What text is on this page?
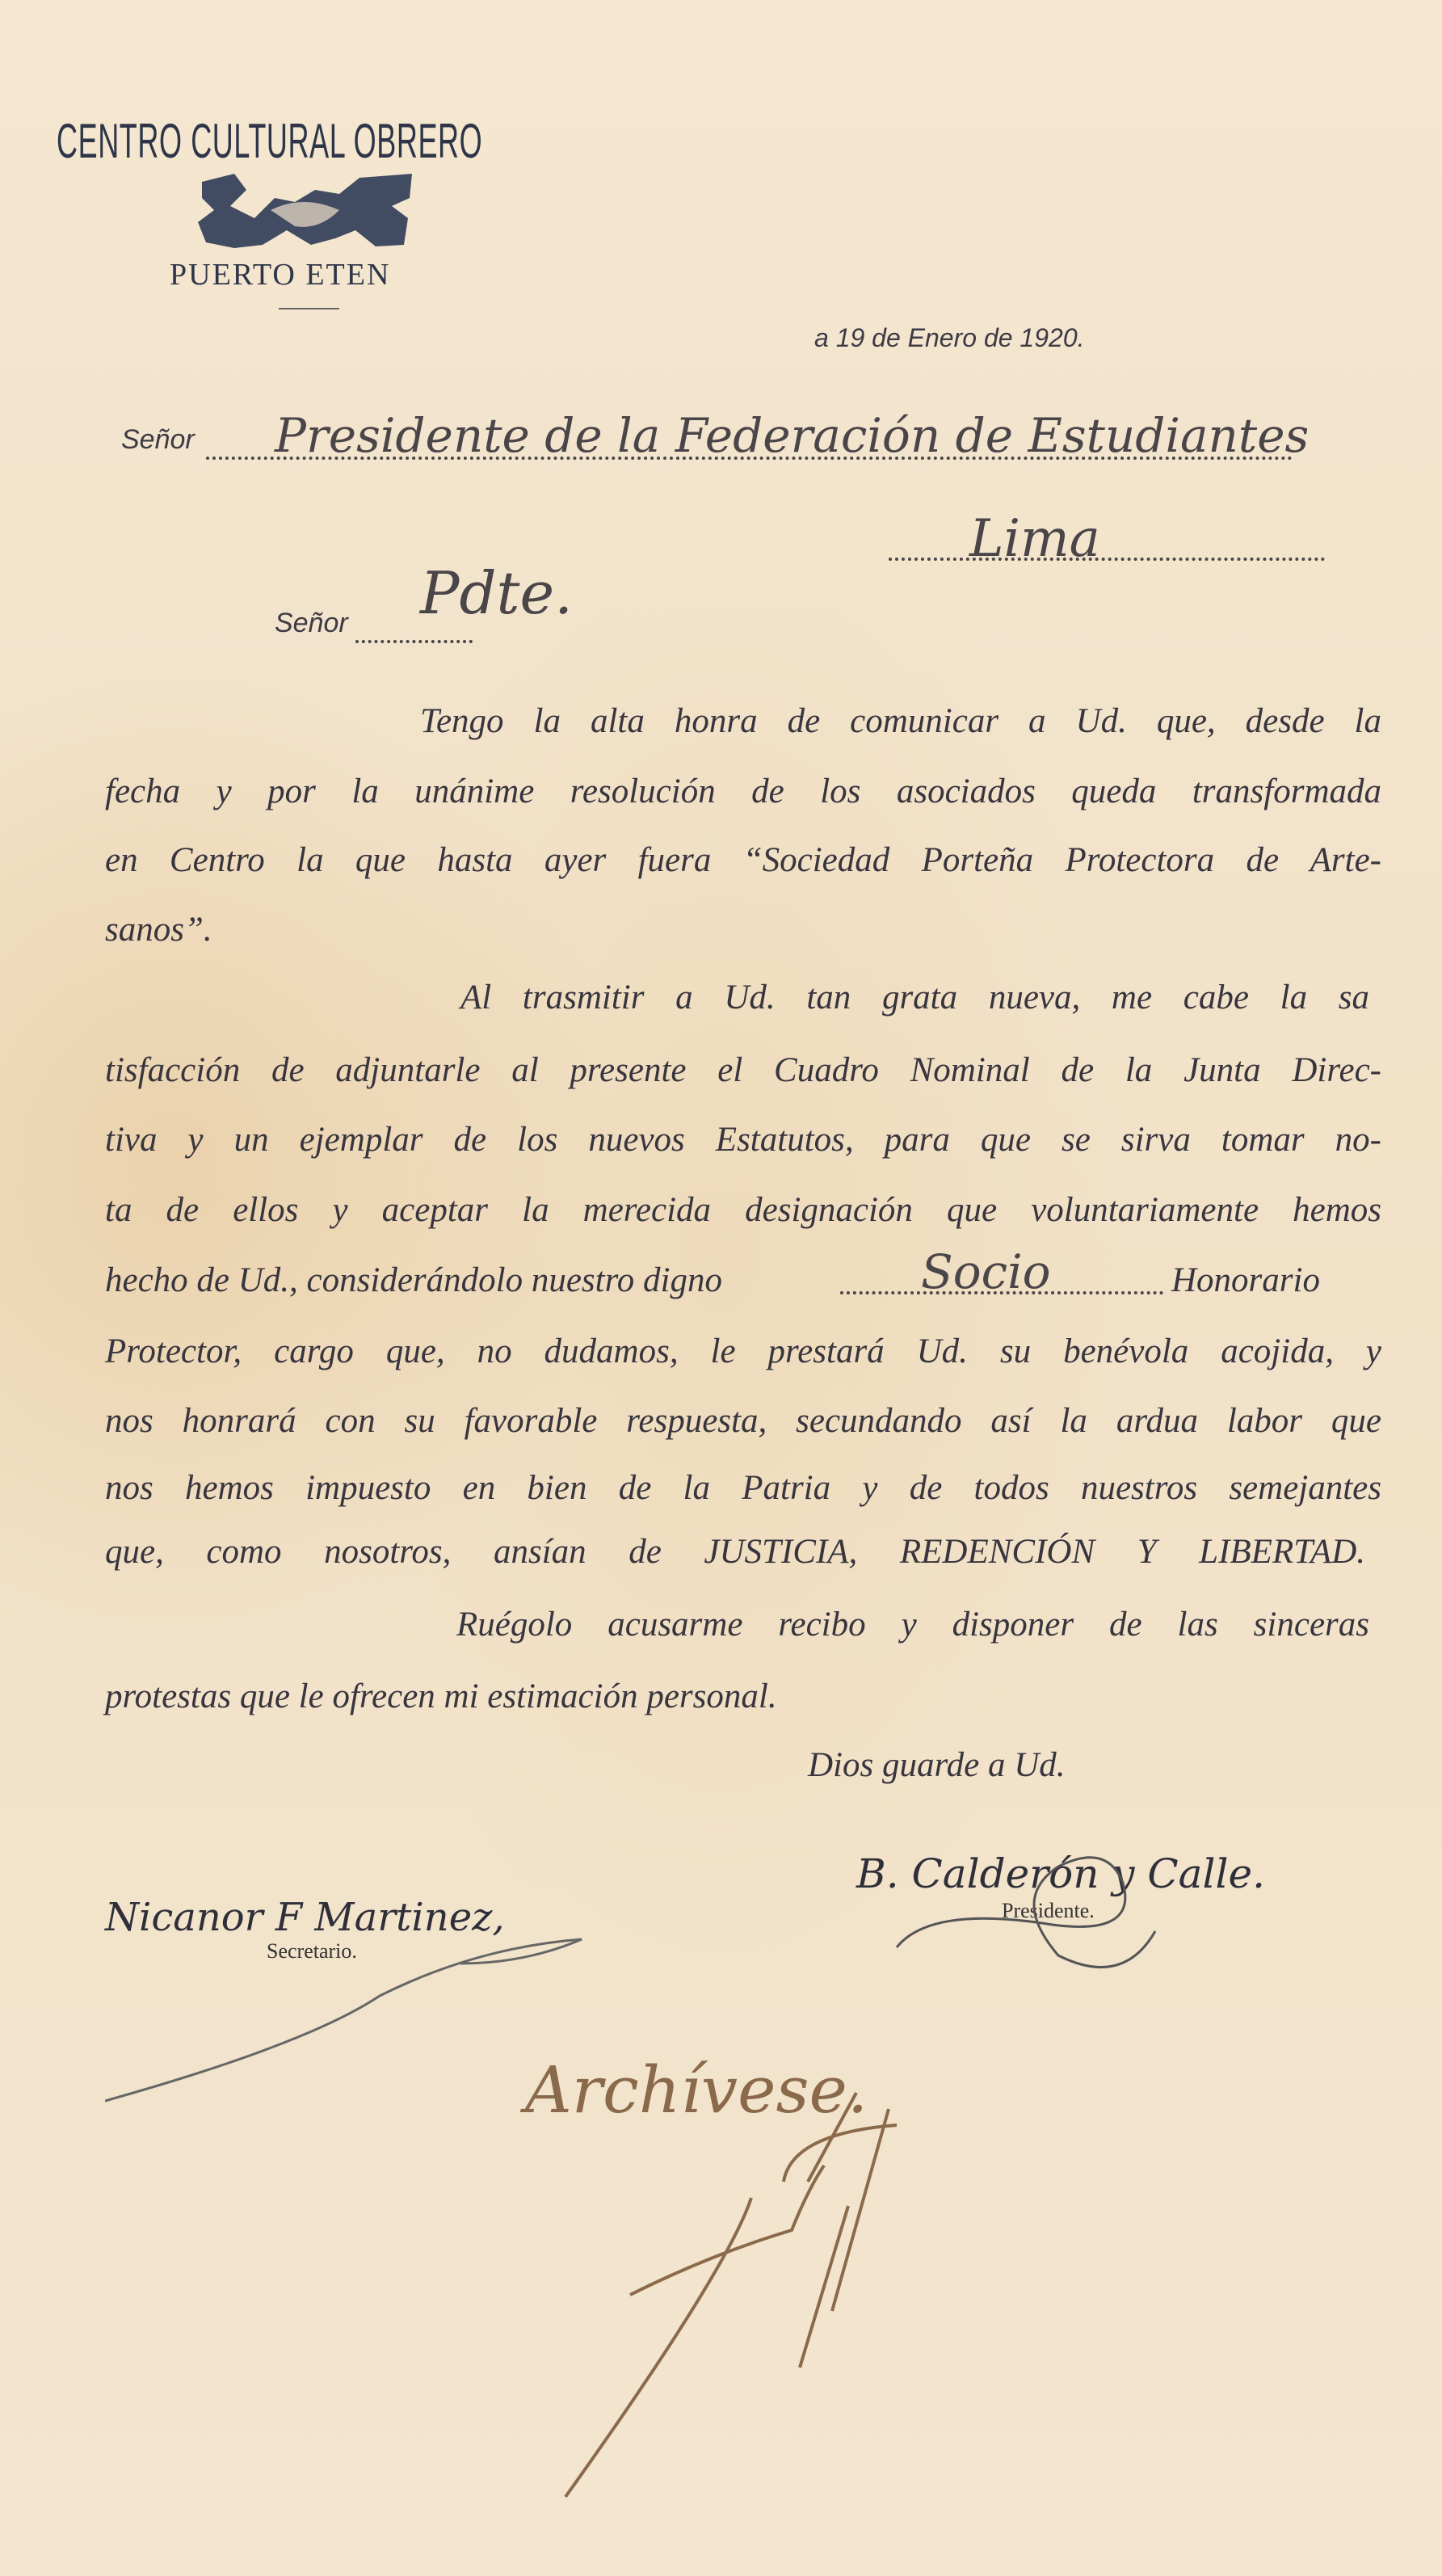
CENTRO CULTURAL OBRERO
PUERTO ETEN
a 19 de Enero de 1920.
Señor Presidente de la Federación de Estudiantes
Lima
Señor Pdte.
Tengo la alta honra de comunicar a Ud. que, desde la
fecha y por la unánime resolución de los asociados queda transformada
en Centro la que hasta ayer fuera “Sociedad Porteña Protectora de Arte-
sanos”.
Al trasmitir a Ud. tan grata nueva, me cabe la sa
tisfacción de adjuntarle al presente el Cuadro Nominal de la Junta Direc-
tiva y un ejemplar de los nuevos Estatutos, para que se sirva tomar no-
ta de ellos y aceptar la merecida designación que voluntariamente hemos
hecho de Ud., considerándolo nuestro digno	Socio	Honorario
Protector, cargo que, no dudamos, le prestará Ud. su benévola acojida, y
nos honrará con su favorable respuesta, secundando así la ardua labor que
nos hemos impuesto en bien de la Patria y de todos nuestros semejantes
que, como nosotros, ansían de JUSTICIA, REDENCIÓN Y LIBERTAD.
Ruégolo acusarme recibo y disponer de las sinceras
protestas que le ofrecen mi estimación personal.
Dios guarde a Ud.
B. Calderón y Calle.
Presidente.
Nicanor F Martinez,
Secretario.
Archívese.
